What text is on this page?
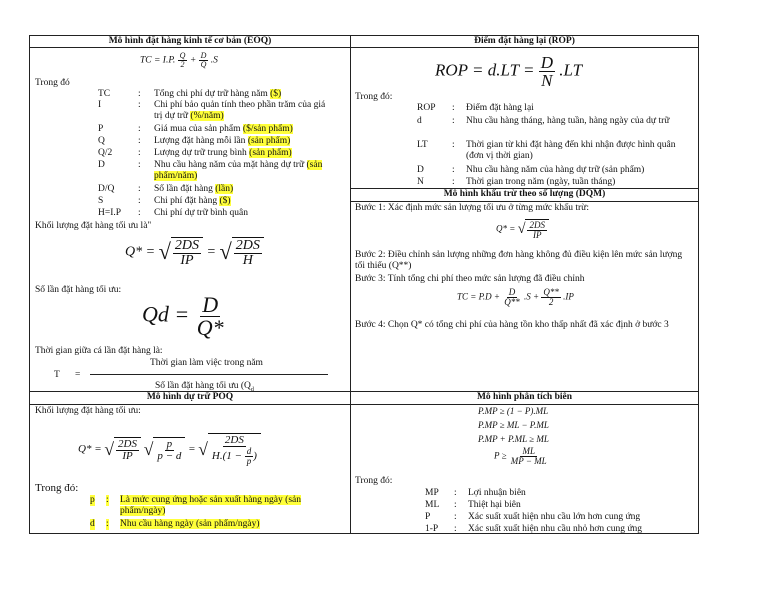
Mô hình đặt hàng kinh tế cơ bản (EOQ)
TC = I.P. $\frac{Q}{2} + \frac{D}{Q} .S$
Trong đó
TC	: Tổng chi phí dự trữ hàng năm ($)
I	: Chi phí bảo quản tính theo phần trăm của giá trị dự trữ (%/năm)
P	: Giá mua của sản phẩm ($/sản phẩm)
Q	: Lượng đặt hàng mỗi lần (sản phẩm)
Q/2	: Lượng dự trữ trung bình (sản phẩm)
D	: Nhu cầu hàng năm của mặt hàng dự trữ (sản phẩm/năm)
D/Q : Số lần đặt hàng (lần)
S	: Chi phí đặt hàng ($)
H=I.P : Chi phí dự trữ bình quân
Khối lượng đặt hàng tối ưu là"
Q* = √ $\frac{2DS}{IP}$ = √ $\frac{2DS}{H}$
Số lần đặt hàng tối ưu:
$Qd = \frac{D}{Q*}$
Thời gian giữa cá lần đặt hàng là:
T =
Thời gian làm việc trong năm
Số lần đặt hàng tối ưu ($Q_d$
Điểm đặt hàng lại (ROP)
ROP = $d.LT = \frac{D}{N} .LT$
Trong đó:
ROP : Điểm đặt hàng lại
d	: Nhu cầu hàng tháng, hàng tuần, hàng ngày của dự trữ
LT	: Thời gian từ khi đặt hàng đến khi nhận được hình quân (đơn vị thời gian)
D	: Nhu cầu hàng năm của hàng dự trữ (sản phẩm)
N	: Thời gian trong năm (ngày, tuần tháng)
Mô hình khấu trừ theo số lượng (DQM)
Bước 1: Xác định mức sản lượng tối ưu ở từng mức khấu trừ:
Q* = √ $\frac{2DS}{IP}$
Bước 2: Điều chỉnh sản lượng những đơn hàng không đủ điều kiện lên mức sản lượng tối thiểu (Q**)
Bước 3: Tính tổng chi phí theo mức sản lượng đã điều chỉnh
TC = $P.D + \frac{D}{Q**} .S + \frac{Q**}{2} .IP$
Bước 4: Chọn Q* có tổng chi phí của hàng tồn kho thấp nhất đã xác định ở bước 3
Mô hình dự trữ POQ
Khối lượng đặt hàng tối ưu:
Q* = √ $\frac{2DS}{IP}$
√ $\frac{p}{p - d}$ = √ $\frac{2DS}{H.(1 - \frac{d}{p} )}$
Trong đó:
p : Là mức cung ứng hoặc sản xuất hàng ngày (sản phẩm/ngày)
d : Nhu cầu hàng ngày (sản phẩm/ngày)
Mô hình phân tích biên
P.MP ≥ (1 − P).ML
P.MP ≥ ML − P.ML
P.MP + P.ML ≥ ML
$P \ge \frac{ML}{MP - ML}$
Trong đó:
MP : Lợi nhuận biên
ML : Thiệt hại biên
P : Xác suất xuất hiện nhu cầu lớn hơn cung ứng
1-P : Xác suất xuất hiện nhu cầu nhỏ hơn cung ứng
